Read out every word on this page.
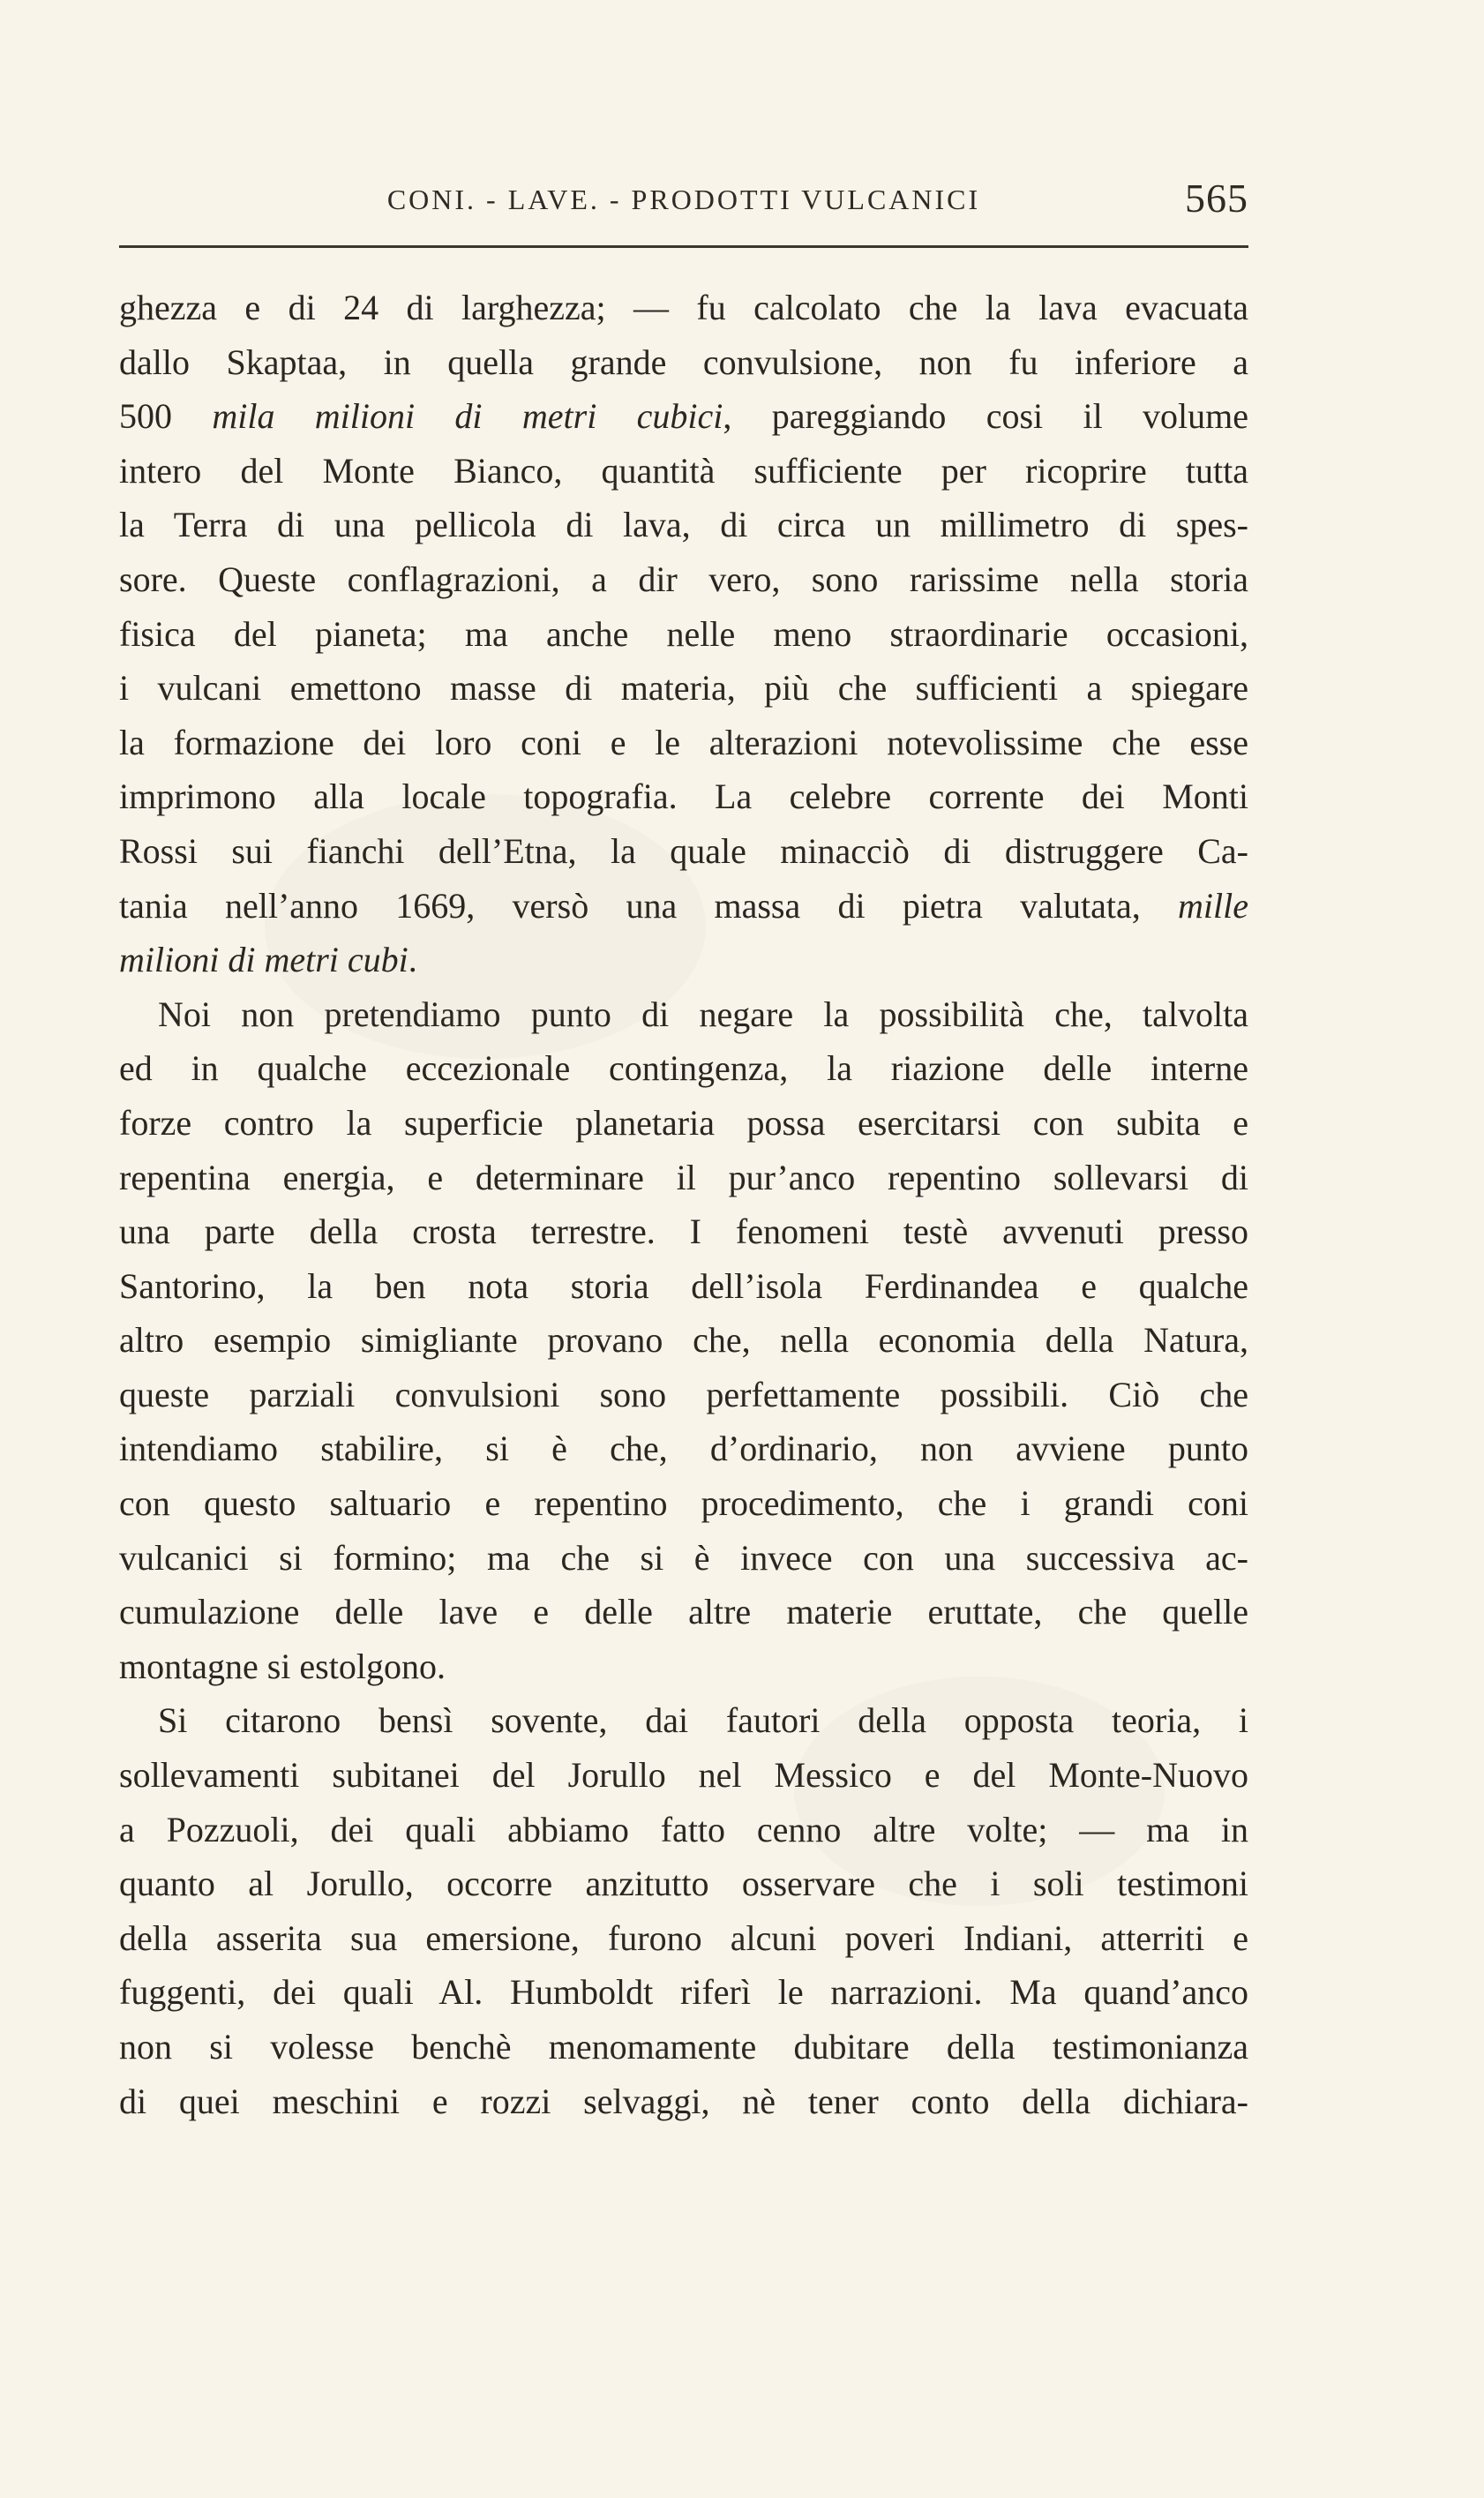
CONI. - LAVE. - PRODOTTI VULCANICI	565
ghezza e di 24 di larghezza; — fu calcolato che la lava evacuata
dallo Skaptaa, in quella grande convulsione, non fu inferiore a
500 mila milioni di metri cubici, pareggiando cosi il volume
intero del Monte Bianco, quantità sufficiente per ricoprire tutta
la Terra di una pellicola di lava, di circa un millimetro di spes-
sore. Queste conflagrazioni, a dir vero, sono rarissime nella storia
fisica del pianeta; ma anche nelle meno straordinarie occasioni,
i vulcani emettono masse di materia, più che sufficienti a spiegare
la formazione dei loro coni e le alterazioni notevolissime che esse
imprimono alla locale topografia. La celebre corrente dei Monti
Rossi sui fianchi dell’Etna, la quale minacciò di distruggere Ca-
tania nell’anno 1669, versò una massa di pietra valutata, mille
milioni di metri cubi.
Noi non pretendiamo punto di negare la possibilità che, talvolta
ed in qualche eccezionale contingenza, la riazione delle interne
forze contro la superficie planetaria possa esercitarsi con subita e
repentina energia, e determinare il pur’anco repentino sollevarsi di
una parte della crosta terrestre. I fenomeni testè avvenuti presso
Santorino, la ben nota storia dell’isola Ferdinandea e qualche
altro esempio simigliante provano che, nella economia della Natura,
queste parziali convulsioni sono perfettamente possibili. Ciò che
intendiamo stabilire, si è che, d’ordinario, non avviene punto
con questo saltuario e repentino procedimento, che i grandi coni
vulcanici si formino; ma che si è invece con una successiva ac-
cumulazione delle lave e delle altre materie eruttate, che quelle
montagne si estolgono.
Si citarono bensì sovente, dai fautori della opposta teoria, i
sollevamenti subitanei del Jorullo nel Messico e del Monte-Nuovo
a Pozzuoli, dei quali abbiamo fatto cenno altre volte; — ma in
quanto al Jorullo, occorre anzitutto osservare che i soli testimoni
della asserita sua emersione, furono alcuni poveri Indiani, atterriti e
fuggenti, dei quali Al. Humboldt riferì le narrazioni. Ma quand’anco
non si volesse benchè menomamente dubitare della testimonianza
di quei meschini e rozzi selvaggi, nè tener conto della dichiara-
